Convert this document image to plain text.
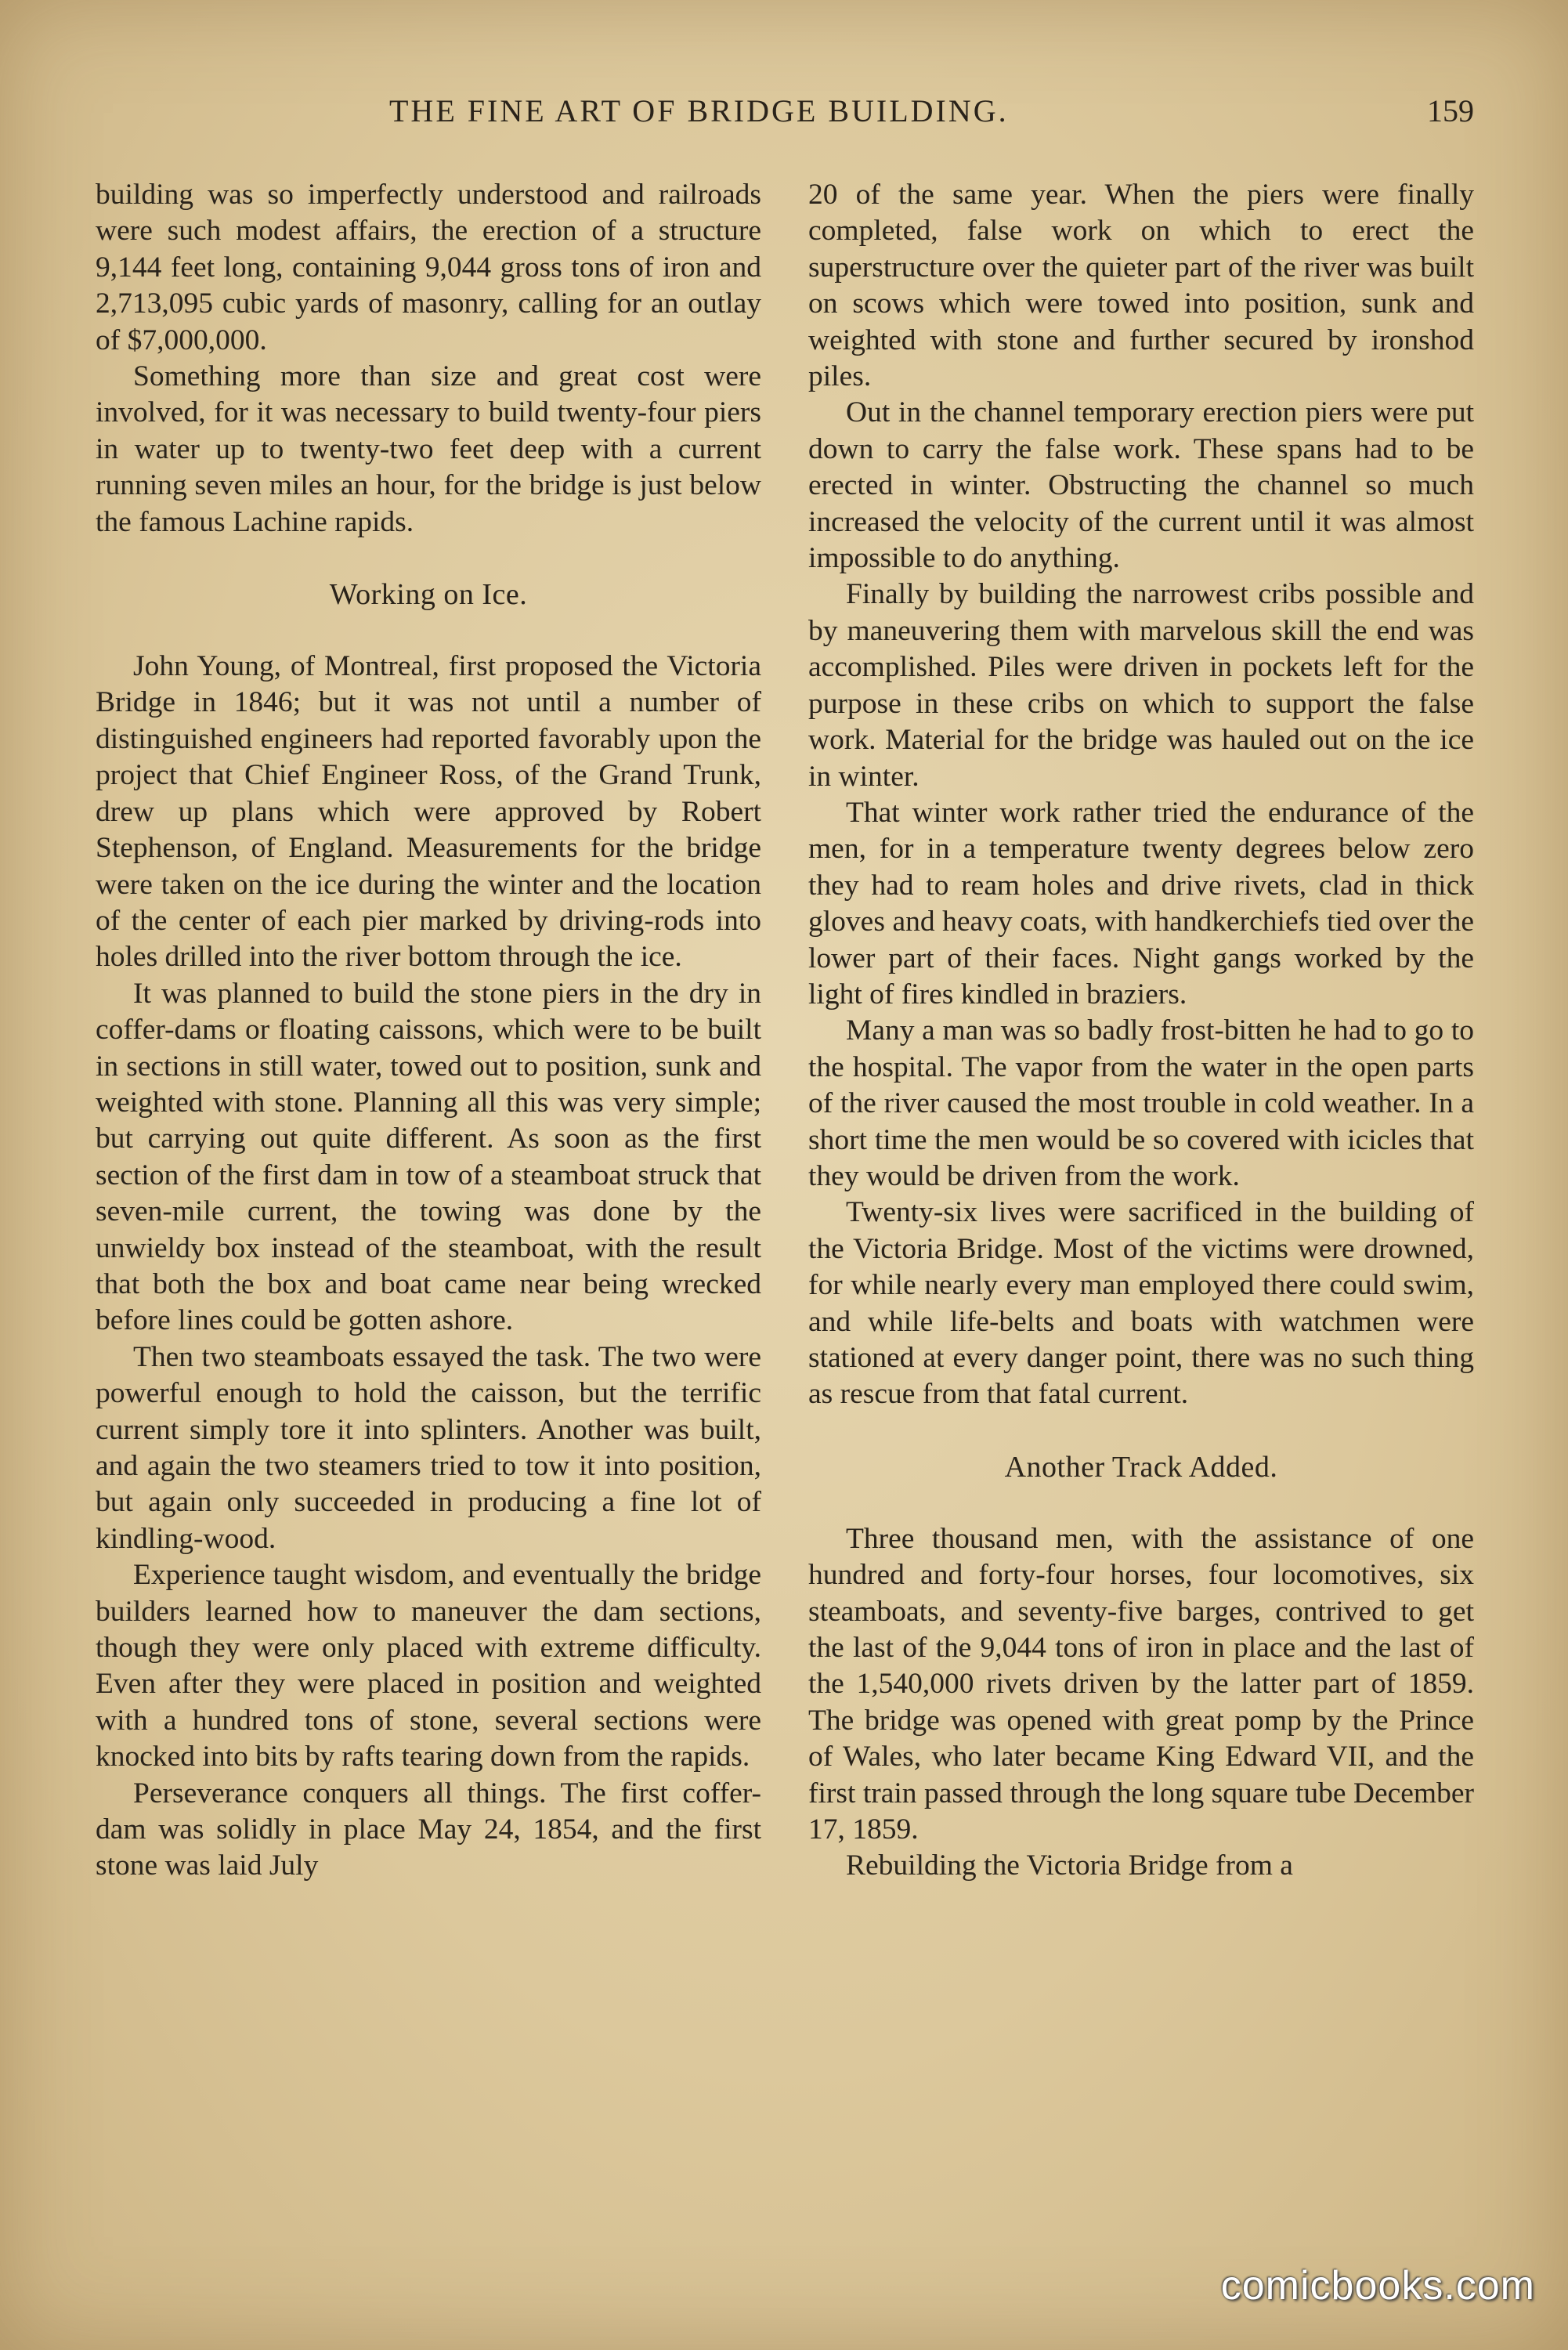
THE FINE ART OF BRIDGE BUILDING.	159

building was so imperfectly understood and railroads were such modest affairs, the erection of a structure 9,144 feet long, containing 9,044 gross tons of iron and 2,713,095 cubic yards of masonry, calling for an outlay of $7,000,000.

Something more than size and great cost were involved, for it was necessary to build twenty-four piers in water up to twenty-two feet deep with a current running seven miles an hour, for the bridge is just below the famous Lachine rapids.

Working on Ice.

John Young, of Montreal, first proposed the Victoria Bridge in 1846; but it was not until a number of distinguished engineers had reported favorably upon the project that Chief Engineer Ross, of the Grand Trunk, drew up plans which were approved by Robert Stephenson, of England. Measurements for the bridge were taken on the ice during the winter and the location of the center of each pier marked by driving-rods into holes drilled into the river bottom through the ice.

It was planned to build the stone piers in the dry in coffer-dams or floating caissons, which were to be built in sections in still water, towed out to position, sunk and weighted with stone. Planning all this was very simple; but carrying out quite different. As soon as the first section of the first dam in tow of a steamboat struck that seven-mile current, the towing was done by the unwieldy box instead of the steamboat, with the result that both the box and boat came near being wrecked before lines could be gotten ashore.

Then two steamboats essayed the task. The two were powerful enough to hold the caisson, but the terrific current simply tore it into splinters. Another was built, and again the two steamers tried to tow it into position, but again only succeeded in producing a fine lot of kindling-wood.

Experience taught wisdom, and eventually the bridge builders learned how to maneuver the dam sections, though they were only placed with extreme difficulty. Even after they were placed in position and weighted with a hundred tons of stone, several sections were knocked into bits by rafts tearing down from the rapids.

Perseverance conquers all things. The first coffer-dam was solidly in place May 24, 1854, and the first stone was laid July

20 of the same year. When the piers were finally completed, false work on which to erect the superstructure over the quieter part of the river was built on scows which were towed into position, sunk and weighted with stone and further secured by ironshod piles.

Out in the channel temporary erection piers were put down to carry the false work. These spans had to be erected in winter. Obstructing the channel so much increased the velocity of the current until it was almost impossible to do anything.

Finally by building the narrowest cribs possible and by maneuvering them with marvelous skill the end was accomplished. Piles were driven in pockets left for the purpose in these cribs on which to support the false work. Material for the bridge was hauled out on the ice in winter.

That winter work rather tried the endurance of the men, for in a temperature twenty degrees below zero they had to ream holes and drive rivets, clad in thick gloves and heavy coats, with handkerchiefs tied over the lower part of their faces. Night gangs worked by the light of fires kindled in braziers.

Many a man was so badly frost-bitten he had to go to the hospital. The vapor from the water in the open parts of the river caused the most trouble in cold weather. In a short time the men would be so covered with icicles that they would be driven from the work.

Twenty-six lives were sacrificed in the building of the Victoria Bridge. Most of the victims were drowned, for while nearly every man employed there could swim, and while life-belts and boats with watchmen were stationed at every danger point, there was no such thing as rescue from that fatal current.

Another Track Added.

Three thousand men, with the assistance of one hundred and forty-four horses, four locomotives, six steamboats, and seventy-five barges, contrived to get the last of the 9,044 tons of iron in place and the last of the 1,540,000 rivets driven by the latter part of 1859. The bridge was opened with great pomp by the Prince of Wales, who later became King Edward VII, and the first train passed through the long square tube December 17, 1859.

Rebuilding the Victoria Bridge from a

comicbooks.com
